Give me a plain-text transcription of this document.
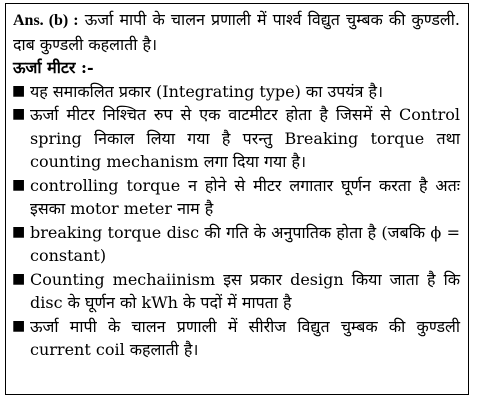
Ans. (b) : ऊर्जा मापी के चालन प्रणाली में पार्श्व विद्युत चुम्बक की कुण्डली. दाब कुण्डली कहलाती है।

ऊर्जा मीटर :-

■ यह समाकलित प्रकार (Integrating type) का उपयंत्र है।
■ ऊर्जा मीटर निश्चित रुप से एक वाटमीटर होता है जिसमें से Control spring निकाल लिया गया है परन्तु Breaking torque तथा counting mechanism लगा दिया गया है।
■ controlling torque न होने से मीटर लगातार घूर्णन करता है अतः इसका motor meter नाम है
■ breaking torque disc की गति के अनुपातिक होता है (जबकि ϕ = constant)
■ Counting mechaiinism इस प्रकार design किया जाता है कि disc के घूर्णन को kWh के पदों में मापता है
■ ऊर्जा मापी के चालन प्रणाली में सीरीज विद्युत चुम्बक की कुण्डली current coil कहलाती है।
